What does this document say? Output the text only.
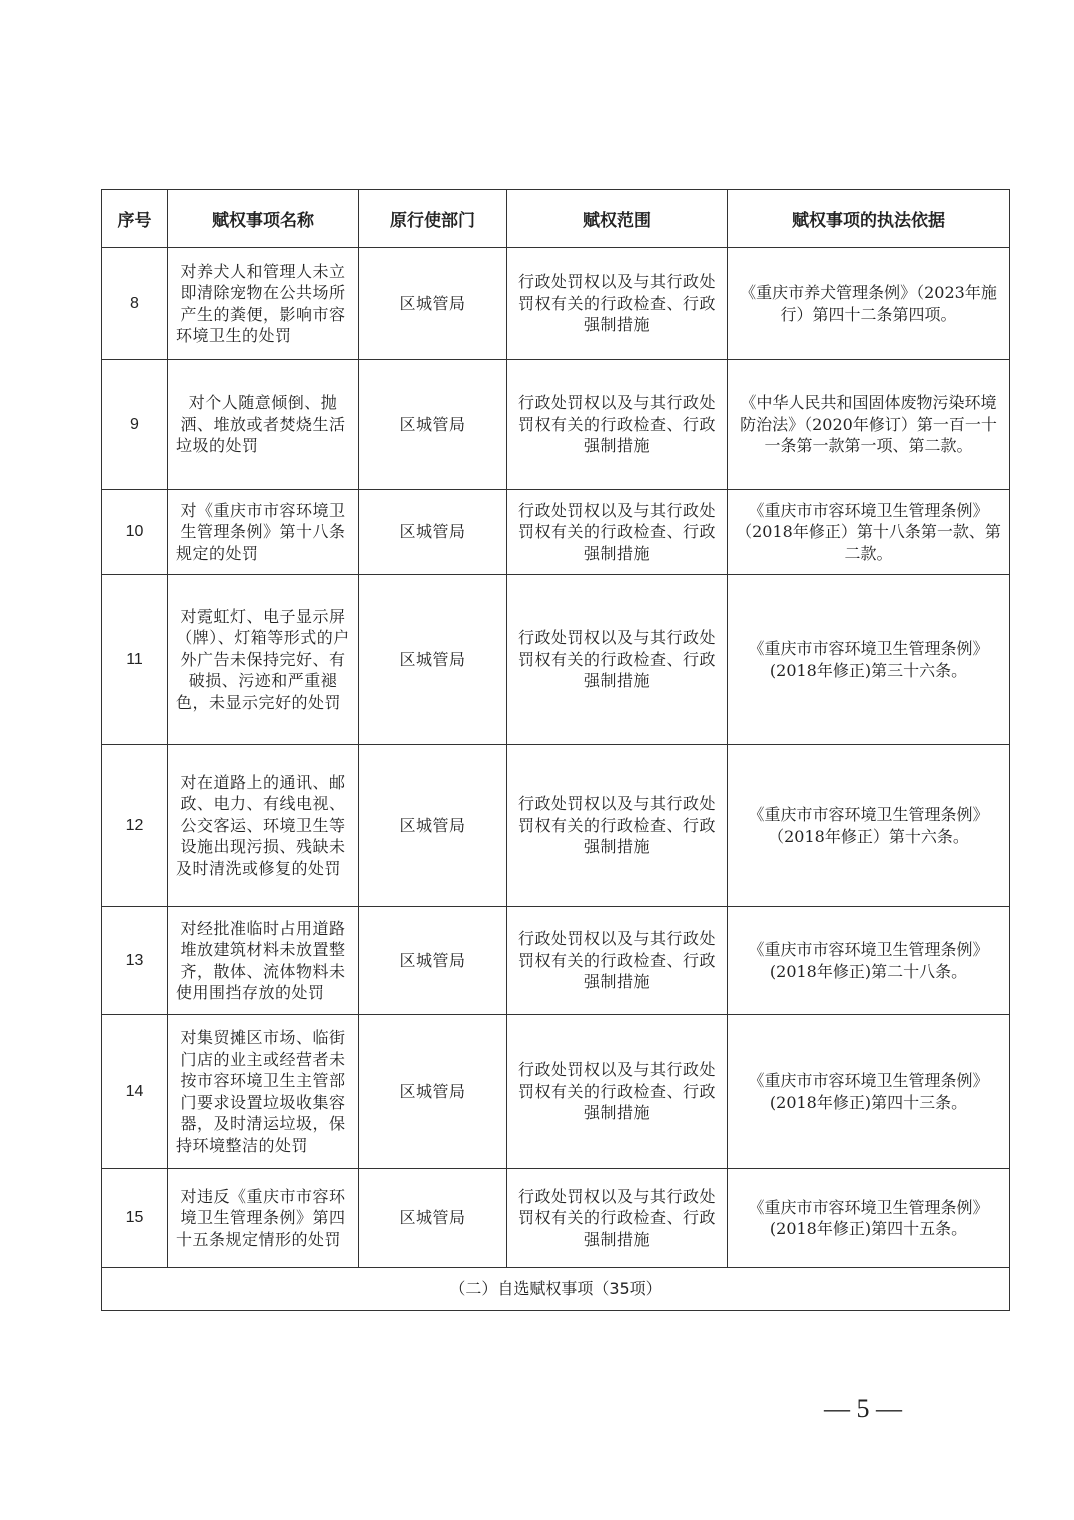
序号	赋权事项名称	原行使部门	赋权范围	赋权事项的执法依据
8	对养犬人和管理人未立即清除宠物在公共场所产生的粪便，影响市容环境卫生的处罚	区城管局	行政处罚权以及与其行政处罚权有关的行政检查、行政强制措施	《重庆市养犬管理条例》（2023年施行）第四十二条第四项。
9	对个人随意倾倒、抛洒、堆放或者焚烧生活垃圾的处罚	区城管局	行政处罚权以及与其行政处罚权有关的行政检查、行政强制措施	《中华人民共和国固体废物污染环境防治法》（2020年修订）第一百一十一条第一款第一项、第二款。
10	对《重庆市市容环境卫生管理条例》第十八条规定的处罚	区城管局	行政处罚权以及与其行政处罚权有关的行政检查、行政强制措施	《重庆市市容环境卫生管理条例》（2018年修正）第十八条第一款、第二款。
11	对霓虹灯、电子显示屏（牌）、灯箱等形式的户外广告未保持完好、有破损、污迹和严重褪色，未显示完好的处罚	区城管局	行政处罚权以及与其行政处罚权有关的行政检查、行政强制措施	《重庆市市容环境卫生管理条例》(2018年修正)第三十六条。
12	对在道路上的通讯、邮政、电力、有线电视、公交客运、环境卫生等设施出现污损、残缺未及时清洗或修复的处罚	区城管局	行政处罚权以及与其行政处罚权有关的行政检查、行政强制措施	《重庆市市容环境卫生管理条例》（2018年修正）第十六条。
13	对经批准临时占用道路堆放建筑材料未放置整齐，散体、流体物料未使用围挡存放的处罚	区城管局	行政处罚权以及与其行政处罚权有关的行政检查、行政强制措施	《重庆市市容环境卫生管理条例》(2018年修正)第二十八条。
14	对集贸摊区市场、临街门店的业主或经营者未按市容环境卫生主管部门要求设置垃圾收集容器，及时清运垃圾，保持环境整洁的处罚	区城管局	行政处罚权以及与其行政处罚权有关的行政检查、行政强制措施	《重庆市市容环境卫生管理条例》(2018年修正)第四十三条。
15	对违反《重庆市市容环境卫生管理条例》第四十五条规定情形的处罚	区城管局	行政处罚权以及与其行政处罚权有关的行政检查、行政强制措施	《重庆市市容环境卫生管理条例》(2018年修正)第四十五条。
（二）自选赋权事项（35项）				
— 5 —
